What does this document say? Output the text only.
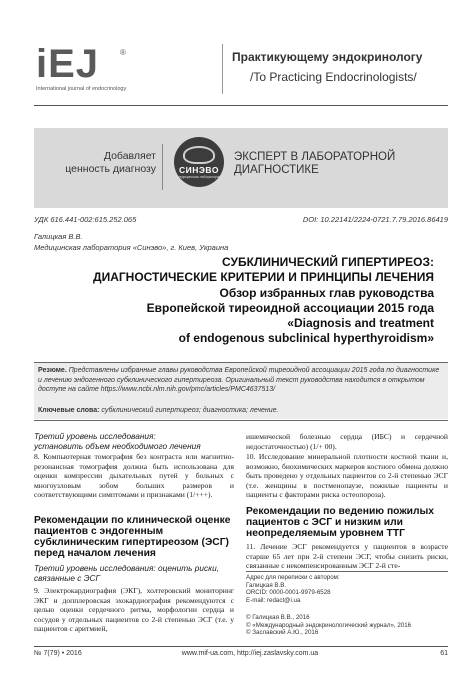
iEJ	®
International journal of endocrinology
Практикующему эндокринологу
/To Practicing Endocrinologists/
Добавляет
ценность диагнозу	СИНЭВО
медицинская лаборатория
ЭКСПЕРТ В ЛАБОРАТОРНОЙ
ДИАГНОСТИКЕ
УДК 616.441-002:615.252.065	DOI: 10.22141/2224-0721.7.79.2016.86419
Галицкая В.В.
Медицинская лаборатория «Синэво», г. Киев, Украина
СУБКЛИНИЧЕСКИЙ ГИПЕРТИРЕОЗ:
ДИАГНОСТИЧЕСКИЕ КРИТЕРИИ И ПРИНЦИПЫ ЛЕЧЕНИЯ
Обзор избранных глав руководства
Европейской тиреоидной ассоциации 2015 года
«Diagnosis and treatment
of endogenous subclinical hyperthyroidism»
Резюме. Представлены избранные главы руководства Европейской тиреоидной ассоциации 2015 года по диагностике и лечению эндогенного субклинического гипертиреоза. Оригинальный текст руководства находится в открытом доступе на сайте https://www.ncbi.nlm.nih.gov/pmc/articles/PMC4637513/
Ключевые слова: субклинический гипертиреоз; диагностика; лечение.
Третий уровень исследования:
установить объем необходимого лечения
8. Компьютерная томография без контраста или магнитно-резонансная томография должна быть использована для оценки компрессии дыхательных путей у больных с многоузловым зобом больших размеров и соответствующими симптомами и признаками (1/+++).
Рекомендации по клинической оценке пациентов с эндогенным субклиническим гипертиреозом (ЭСГ) перед началом лечения
Третий уровень исследования: оценить риски, связанные с ЭСГ
9. Электрокардиография (ЭКГ), холтеровский мониторинг ЭКГ и допплеровская эхокардиография рекомендуются с целью оценки сердечного ритма, морфологии сердца и сосудов у отдельных пациентов со 2-й степенью ЭСГ (т.е. у пациентов с аритмией,
ишемической болезнью сердца (ИБС) и сердечной недостаточностью) (1/+ 00).
10. Исследование минеральной плотности костной ткани и, возможно, биохимических маркеров костного обмена должно быть проведено у отдельных пациентов со 2-й степенью ЭСГ (т.е. женщины в постменопаузе, пожилые пациенты и пациенты с факторами риска остеопороза).
Рекомендации по ведению пожилых пациентов с ЭСГ и низким или неопределяемым уровнем ТТГ
11. Лечение ЭСГ рекомендуется у пациентов в возрасте старше 65 лет при 2-й степени ЭСГ, чтобы снизить риски, связанные с некомпенсированным ЭСГ 2-й сте-
Адрес для переписки с автором:
Галицкая В.В.
ORCID: 0000-0001-9979-6528
E-mail: redact@i.ua
© Галицкая В.В., 2016
© «Международный эндокринологический журнал», 2016
© Заславский А.Ю., 2016
№ 7(79) • 2016	www.mif-ua.com, http://iej.zaslavsky.com.ua	61
